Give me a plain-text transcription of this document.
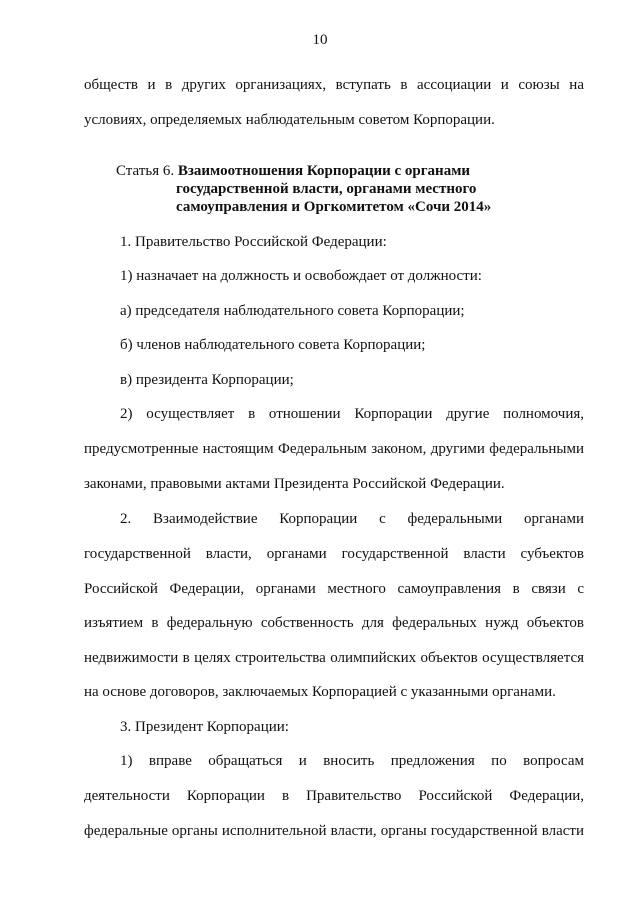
10
обществ и в других организациях, вступать в ассоциации и союзы на
условиях, определяемых наблюдательным советом Корпорации.
Статья 6. Взаимоотношения Корпорации с органами
государственной власти, органами местного
самоуправления и Оргкомитетом «Сочи 2014»
1. Правительство Российской Федерации:
1) назначает на должность и освобождает от должности:
а) председателя наблюдательного совета Корпорации;
б) членов наблюдательного совета Корпорации;
в) президента Корпорации;
2) осуществляет в отношении Корпорации другие полномочия,
предусмотренные настоящим Федеральным законом, другими федеральными
законами, правовыми актами Президента Российской Федерации.
2. Взаимодействие Корпорации с федеральными органами
государственной власти, органами государственной власти субъектов
Российской Федерации, органами местного самоуправления в связи с
изъятием в федеральную собственность для федеральных нужд объектов
недвижимости в целях строительства олимпийских объектов осуществляется
на основе договоров, заключаемых Корпорацией с указанными органами.
3. Президент Корпорации:
1) вправе обращаться и вносить предложения по вопросам
деятельности Корпорации в Правительство Российской Федерации,
федеральные органы исполнительной власти, органы государственной власти
